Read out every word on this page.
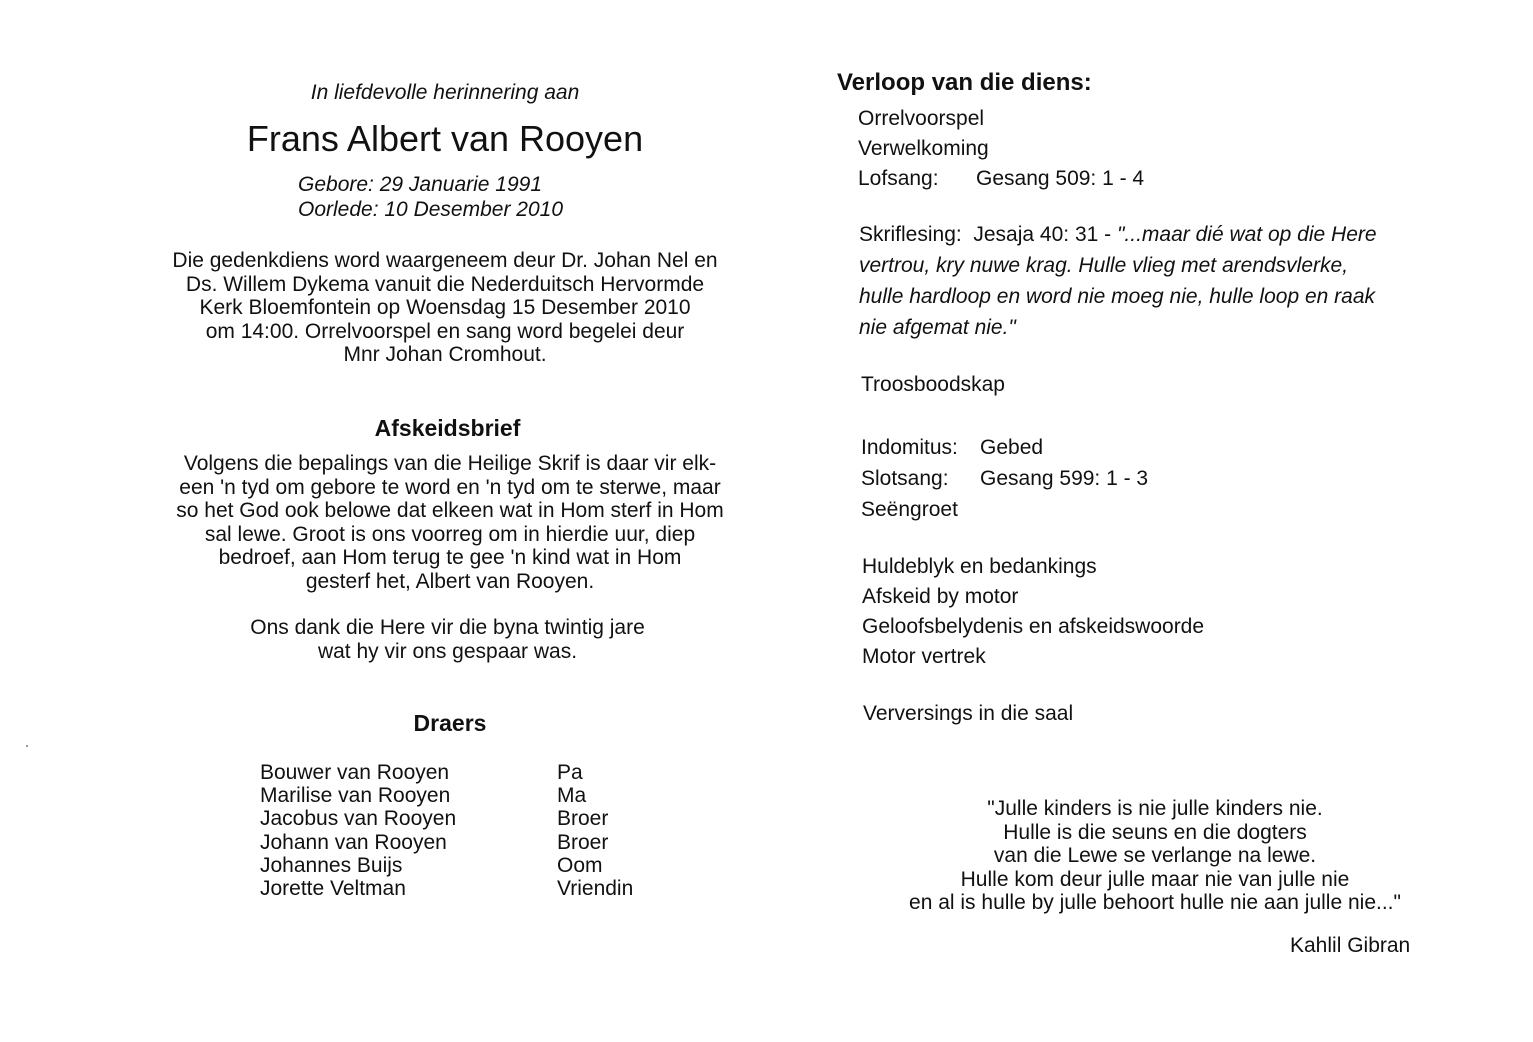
In liefdevolle herinnering aan
Frans Albert van Rooyen
Gebore: 29 Januarie 1991
Oorlede: 10 Desember 2010
Die gedenkdiens word waargeneem deur Dr. Johan Nel en
Ds. Willem Dykema vanuit die Nederduitsch Hervormde
Kerk Bloemfontein op Woensdag 15 Desember 2010
om 14:00. Orrelvoorspel en sang word begelei deur
Mnr Johan Cromhout.
Afskeidsbrief
Volgens die bepalings van die Heilige Skrif is daar vir elk-
een 'n tyd om gebore te word en 'n tyd om te sterwe, maar
so het God ook belowe dat elkeen wat in Hom sterf in Hom
sal lewe. Groot is ons voorreg om in hierdie uur, diep
bedroef, aan Hom terug te gee 'n kind wat in Hom
gesterf het, Albert van Rooyen.
Ons dank die Here vir die byna twintig jare
wat hy vir ons gespaar was.
Draers
Bouwer van Rooyen	Pa
Marilise van Rooyen	Ma
Jacobus van Rooyen	Broer
Johann van Rooyen	Broer
Johannes Buijs	Oom
Jorette Veltman	Vriendin
Verloop van die diens:
Orrelvoorspel
Verwelkoming
Lofsang:	Gesang 509: 1 - 4
Skriflesing: Jesaja 40: 31 - "...maar dié wat op die Here
vertrou, kry nuwe krag. Hulle vlieg met arendsvlerke,
hulle hardloop en word nie moeg nie, hulle loop en raak
nie afgemat nie."
Troosboodskap
Indomitus:	Gebed
Slotsang:	Gesang 599: 1 - 3
Seëngroet
Huldeblyk en bedankings
Afskeid by motor
Geloofsbelydenis en afskeidswoorde
Motor vertrek
Verversings in die saal
"Julle kinders is nie julle kinders nie.
Hulle is die seuns en die dogters
van die Lewe se verlange na lewe.
Hulle kom deur julle maar nie van julle nie
en al is hulle by julle behoort hulle nie aan julle nie..."
Kahlil Gibran
